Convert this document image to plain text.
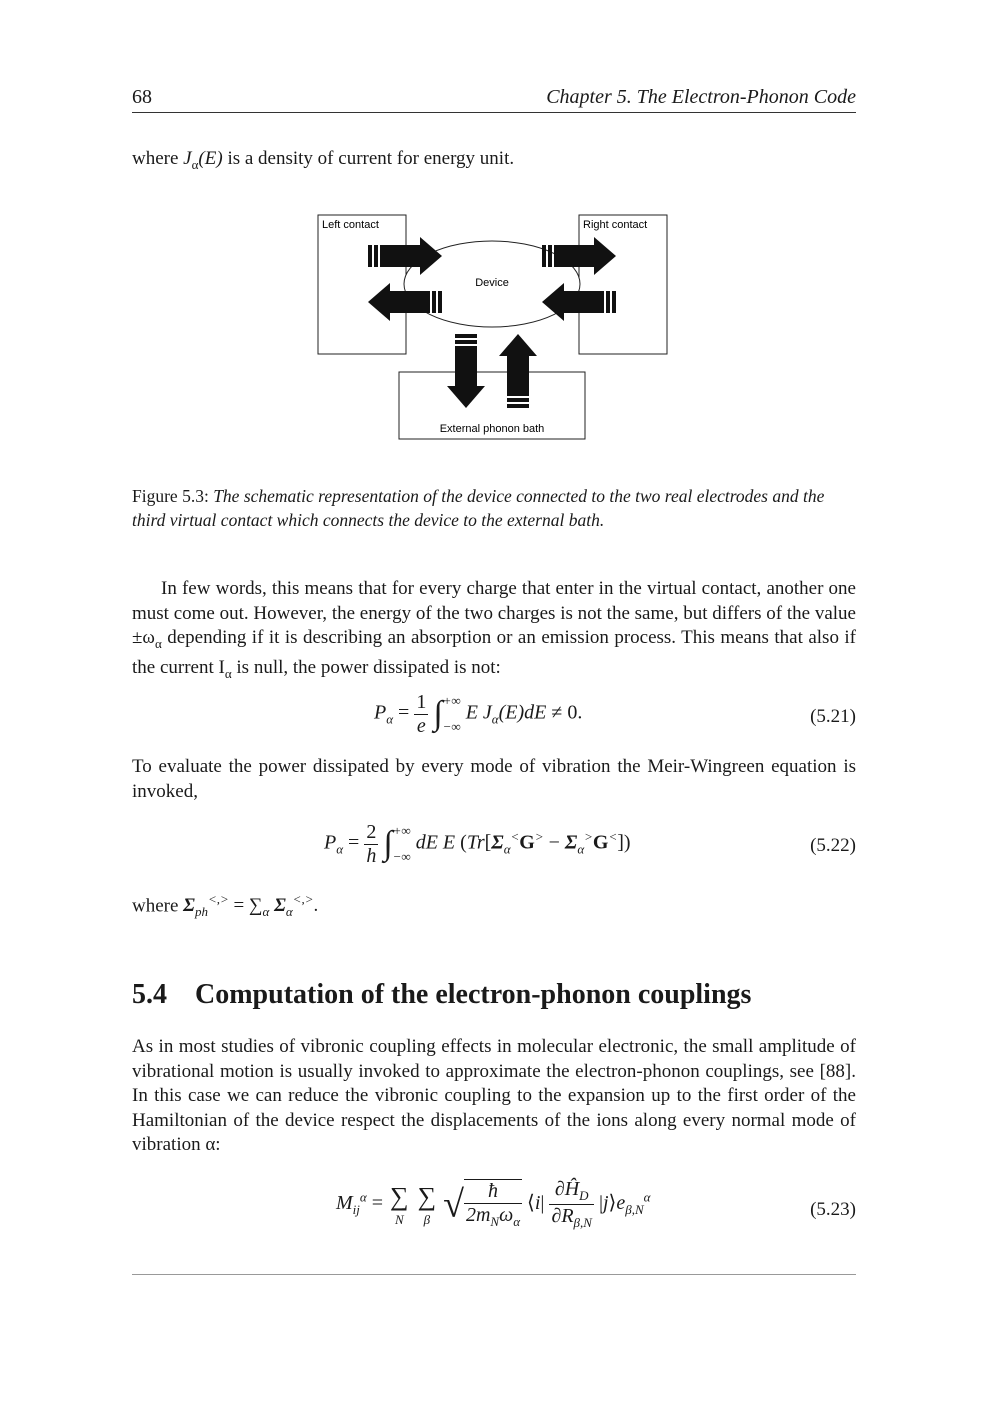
68	Chapter 5. The Electron-Phonon Code
where $J_\alpha(E)$ is a density of current for energy unit.
Left contact	Right contact
Device
External phonon bath
Figure 5.3: The schematic representation of the device connected to the two real electrodes and the third virtual contact which connects the device to the external bath.
In few words, this means that for every charge that enter in the virtual contact, another one must come out. However, the energy of the two charges is not the same, but differs of the value $\pm\omega_\alpha$ depending if it is describing an absorption or an emission process. This means that also if the current $I_\alpha$ is null, the power dissipated is not:
$P_\alpha = \frac{1}{e}$ ∫+∞
−∞ E $J_\alpha(E)dE \ne 0$.	(5.21)
To evaluate the power dissipated by every mode of vibration the Meir-Wingreen equation is invoked,
$P_\alpha = \frac{2}{h}$ ∫+∞
−∞ dE E $(Tr[\Sigma_\alpha^<G^> - \Sigma_\alpha^>G^<])$	(5.22)
where $\Sigma_{ph}^{<,>} = \sum_\alpha$ $\Sigma_\alpha^{<,>}$.
5.4 Computation of the electron-phonon couplings
As in most studies of vibronic coupling effects in molecular electronic, the small amplitude of vibrational motion is usually invoked to approximate the electron-phonon couplings, see [88]. In this case we can reduce the vibronic coupling to the expansion up to the first order of the Hamiltonian of the device respect the displacements of the ions along every normal mode of vibration α:
$M_{ij}^\alpha$ = ∑
N

∑
β √ $\frac{ħ}{2m_N\omega_\alpha}$ ⟨i| $\frac{\partial Ĥ_D}{\partial R_{\beta,N}}$ $|j⟩e_{\beta,N}^\alpha$
(5.23)
